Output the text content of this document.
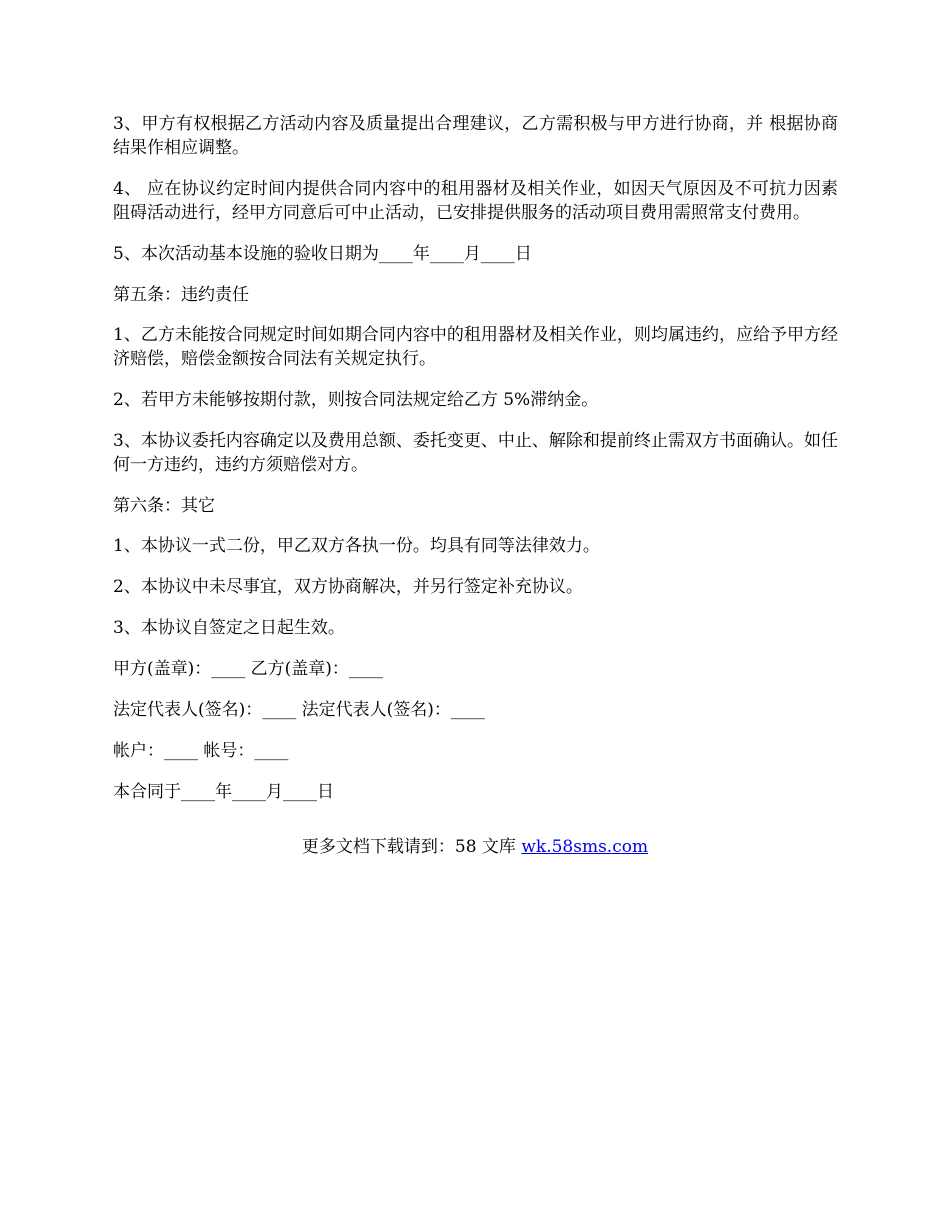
3、甲方有权根据乙方活动内容及质量提出合理建议，乙方需积极与甲方进行协商，并 根据协商结果作相应调整。

4、 应在协议约定时间内提供合同内容中的租用器材及相关作业，如因天气原因及不可抗力因素阻碍活动进行，经甲方同意后可中止活动，已安排提供服务的活动项目费用需照常支付费用。

5、本次活动基本设施的验收日期为____年____月____日

第五条：违约责任

1、乙方未能按合同规定时间如期合同内容中的租用器材及相关作业，则均属违约，应给予甲方经济赔偿，赔偿金额按合同法有关规定执行。

2、若甲方未能够按期付款，则按合同法规定给乙方 5%滞纳金。

3、本协议委托内容确定以及费用总额、委托变更、中止、解除和提前终止需双方书面确认。如任何一方违约，违约方须赔偿对方。

第六条：其它

1、本协议一式二份，甲乙双方各执一份。均具有同等法律效力。

2、本协议中未尽事宜，双方协商解决，并另行签定补充协议。

3、本协议自签定之日起生效。

甲方(盖章)：____ 乙方(盖章)：____

法定代表人(签名)：____ 法定代表人(签名)：____

帐户：____ 帐号：____

本合同于____年____月____日

更多文档下载请到：58 文库 wk.58sms.com
